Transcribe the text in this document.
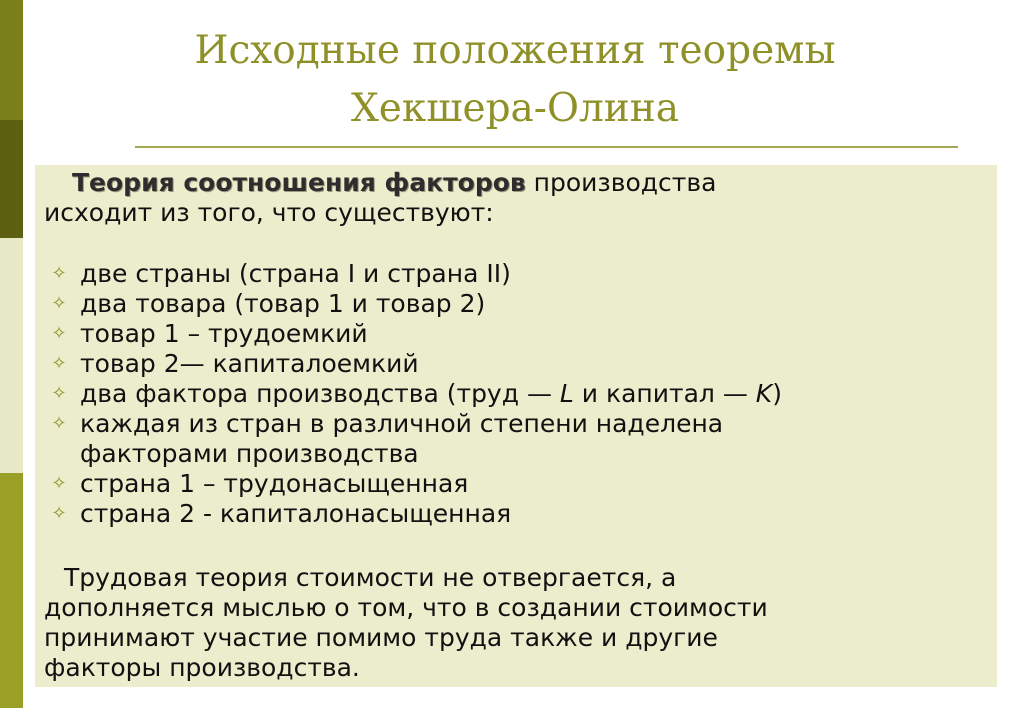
Исходные положения теоремы
Хекшера-Олина
Теория соотношения факторов производства
исходит из того, что существуют:
✧ две страны (страна I и страна II)
✧ два товара (товар 1 и товар 2)
✧ товар 1 – трудоемкий
✧ товар 2— капиталоемкий
✧ два фактора производства (труд — L и капитал — K)
✧ каждая из стран в различной степени наделена
факторами производства
✧ страна 1 – трудонасыщенная
✧ страна 2 - капиталонасыщенная
Трудовая теория стоимости не отвергается, а
дополняется мыслью о том, что в создании стоимости
принимают участие помимо труда также и другие
факторы производства.
